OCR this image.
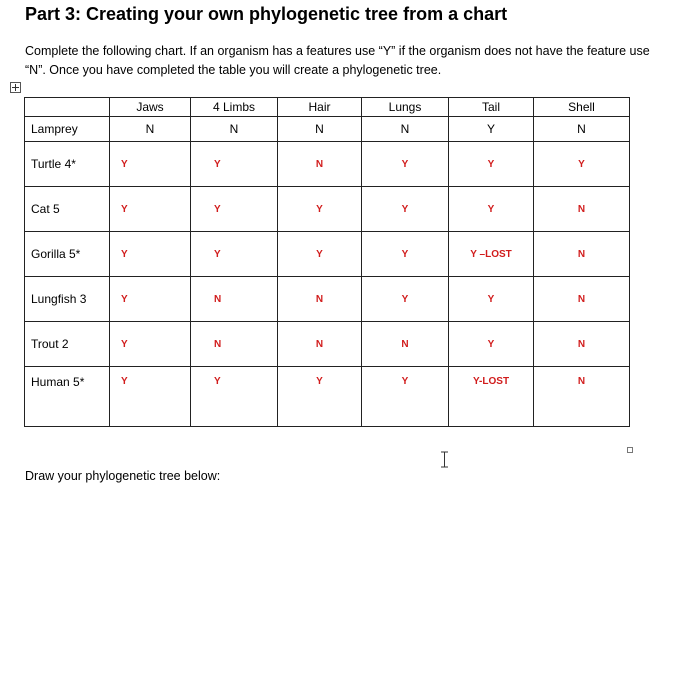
Part 3: Creating your own phylogenetic tree from a chart

Complete the following chart. If an organism has a features use “Y” if the organism does not have the feature use “N”. Once you have completed the table you will create a phylogenetic tree.

	Jaws	4 Limbs	Hair	Lungs	Tail	Shell
Lamprey	N	N	N	N	Y	N
Turtle 4*	Y	Y	N	Y	Y	Y
Cat 5	Y	Y	Y	Y	Y	N
Gorilla 5*	Y	Y	Y	Y	Y –LOST	N
Lungfish 3	Y	N	N	Y	Y	N
Trout 2	Y	N	N	N	Y	N
Human 5*	Y	Y	Y	Y	Y-LOST	N

Draw your phylogenetic tree below:
